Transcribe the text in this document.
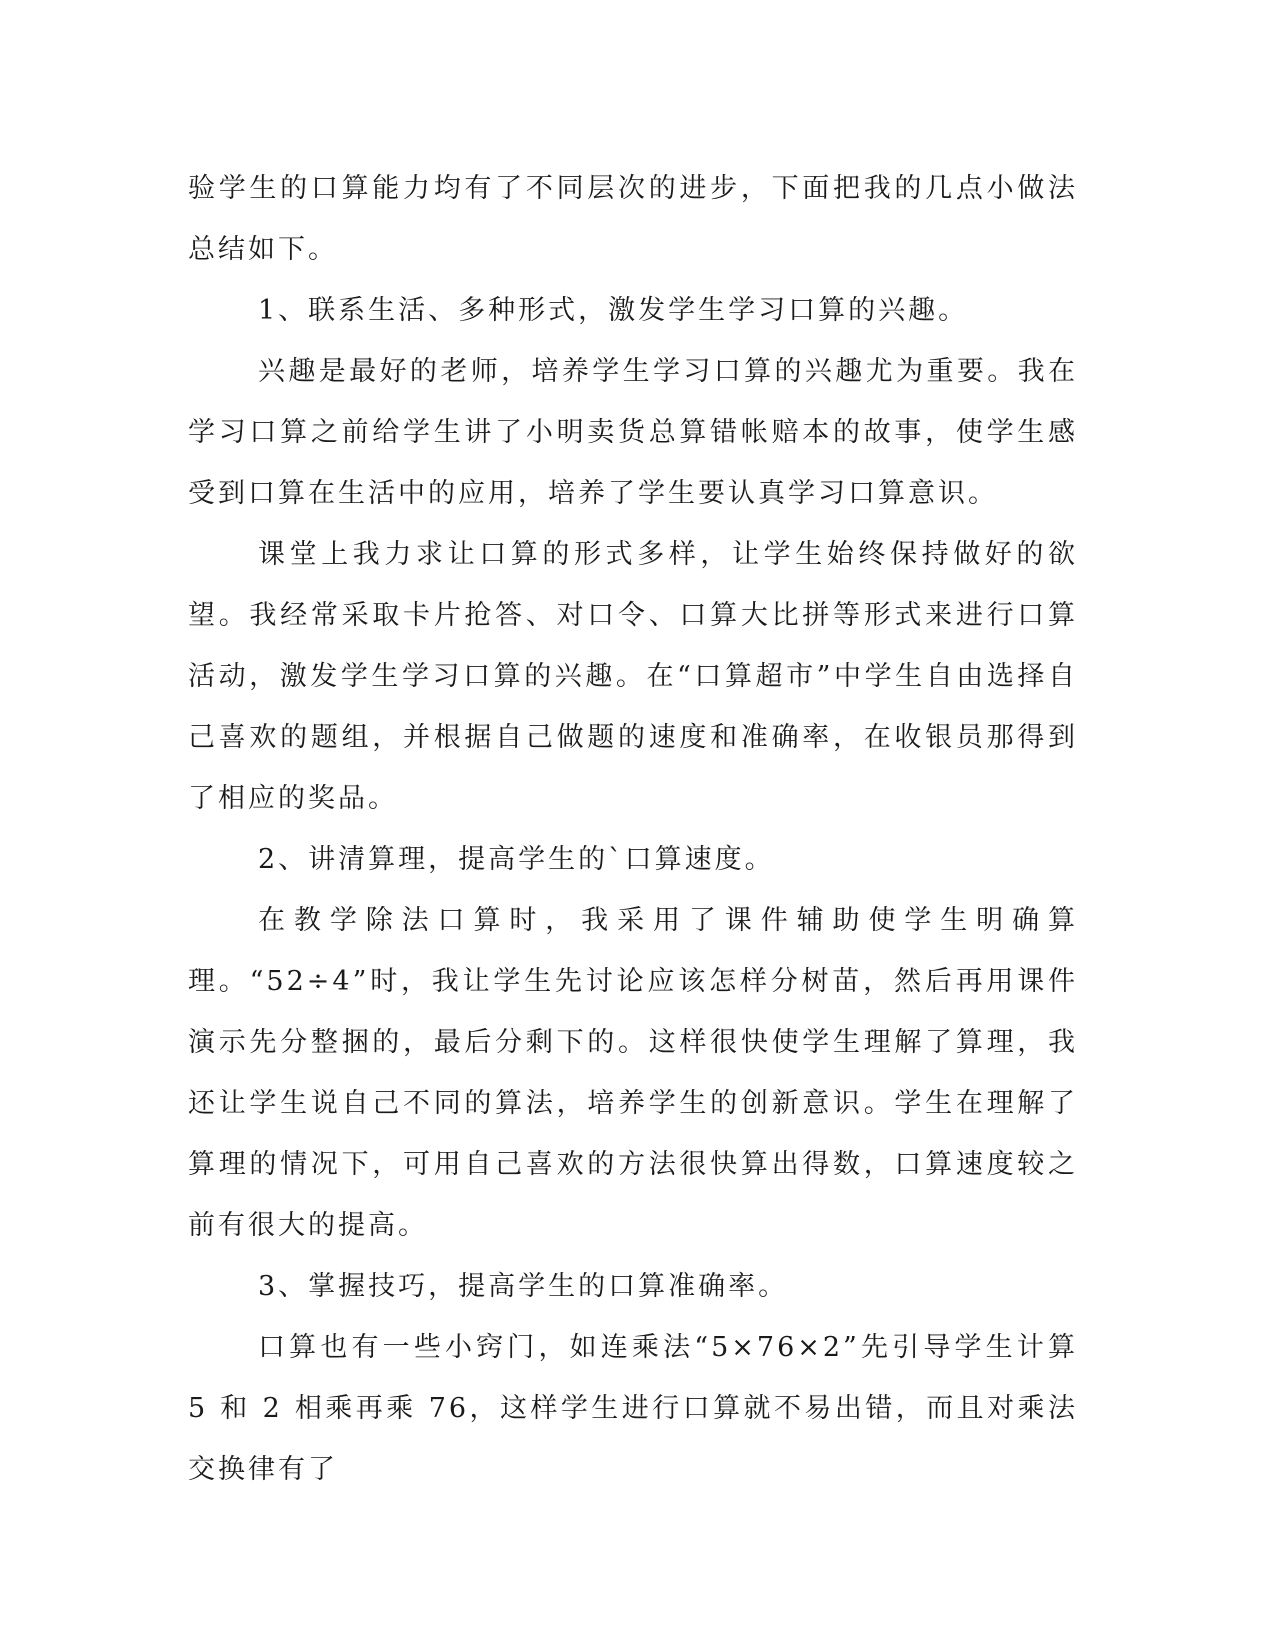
验学生的口算能力均有了不同层次的进步，下面把我的几点小做法总结如下。

1、联系生活、多种形式，激发学生学习口算的兴趣。

兴趣是最好的老师，培养学生学习口算的兴趣尤为重要。我在学习口算之前给学生讲了小明卖货总算错帐赔本的故事，使学生感受到口算在生活中的应用，培养了学生要认真学习口算意识。

课堂上我力求让口算的形式多样，让学生始终保持做好的欲望。我经常采取卡片抢答、对口令、口算大比拼等形式来进行口算活动，激发学生学习口算的兴趣。在“口算超市”中学生自由选择自己喜欢的题组，并根据自己做题的速度和准确率，在收银员那得到了相应的奖品。

2、讲清算理，提高学生的`口算速度。

在教学除法口算时，我采用了课件辅助使学生明确算理。“52÷4”时，我让学生先讨论应该怎样分树苗，然后再用课件演示先分整捆的，最后分剩下的。这样很快使学生理解了算理，我还让学生说自己不同的算法，培养学生的创新意识。学生在理解了算理的情况下，可用自己喜欢的方法很快算出得数，口算速度较之前有很大的提高。

3、掌握技巧，提高学生的口算准确率。

口算也有一些小窍门，如连乘法“5×76×2”先引导学生计算 5 和 2 相乘再乘 76，这样学生进行口算就不易出错，而且对乘法交换律有了
